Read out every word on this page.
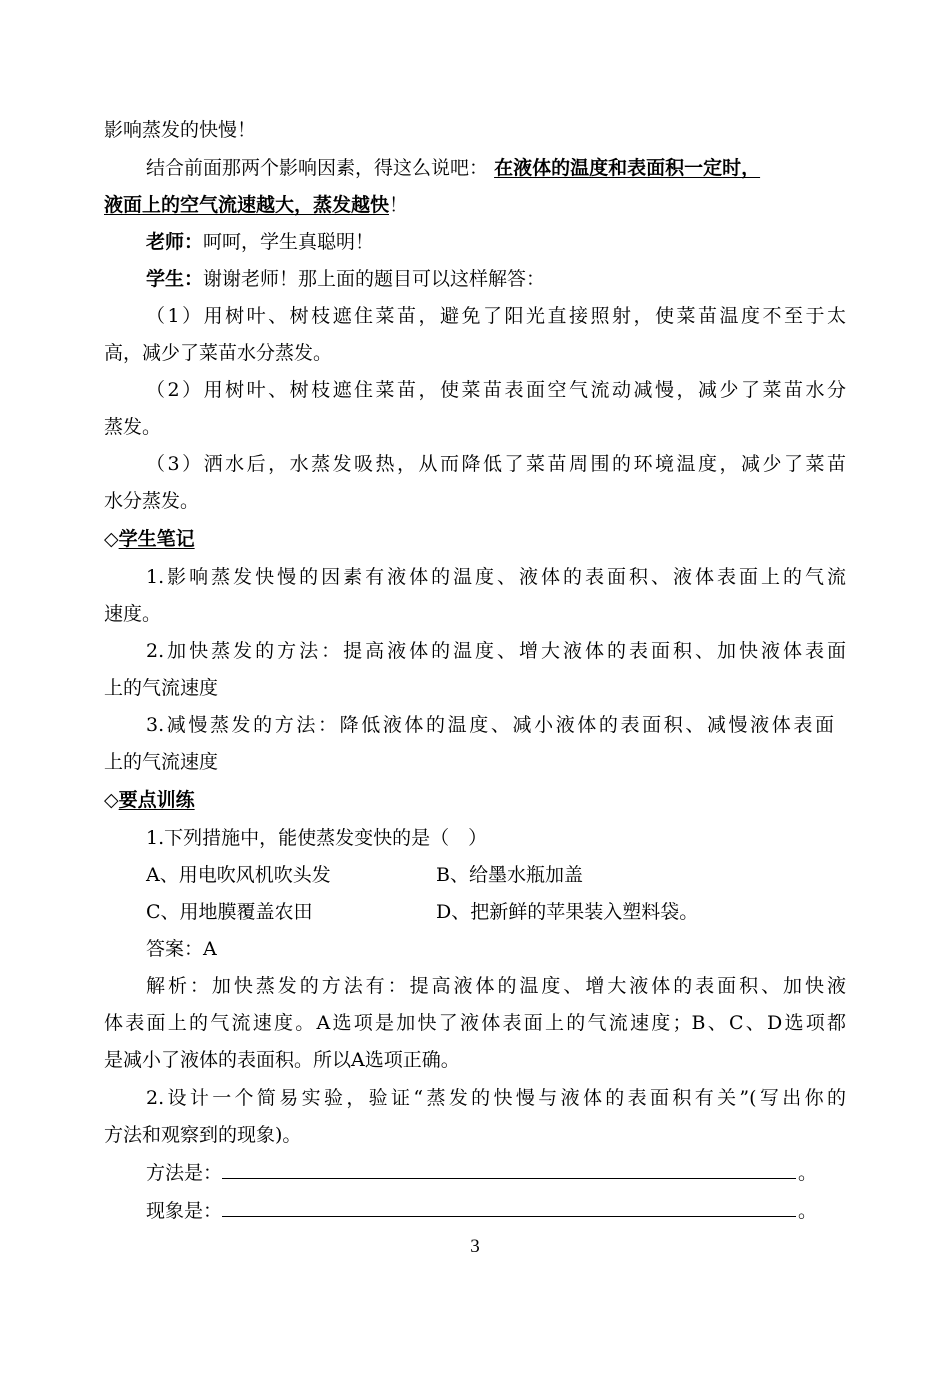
影响蒸发的快慢！
结合前面那两个影响因素，得这么说吧： 在液体的温度和表面积一定时，
液面上的空气流速越大，蒸发越快！
老师：呵呵，学生真聪明！
学生：谢谢老师！那上面的题目可以这样解答：
（1）用树叶、树枝遮住菜苗，避免了阳光直接照射，使菜苗温度不至于太
高，减少了菜苗水分蒸发。
（2）用树叶、树枝遮住菜苗，使菜苗表面空气流动减慢，减少了菜苗水分
蒸发。
（3）洒水后，水蒸发吸热，从而降低了菜苗周围的环境温度，减少了菜苗
水分蒸发。
◇学生笔记
1.影响蒸发快慢的因素有液体的温度、液体的表面积、液体表面上的气流
速度。
2.加快蒸发的方法：提高液体的温度、增大液体的表面积、加快液体表面
上的气流速度
3.减慢蒸发的方法：降低液体的温度、减小液体的表面积、减慢液体表面
上的气流速度
◇要点训练
1.下列措施中，能使蒸发变快的是（　）
A、用电吹风机吹头发	B、给墨水瓶加盖
C、用地膜覆盖农田	D、把新鲜的苹果装入塑料袋。
答案：A
解析：加快蒸发的方法有：提高液体的温度、增大液体的表面积、加快液
体表面上的气流速度。A选项是加快了液体表面上的气流速度；B、C、D选项都
是减小了液体的表面积。所以A选项正确。
2.设计一个简易实验，验证“蒸发的快慢与液体的表面积有关”(写出你的
方法和观察到的现象)。
方法是：	。
现象是：	。
3
